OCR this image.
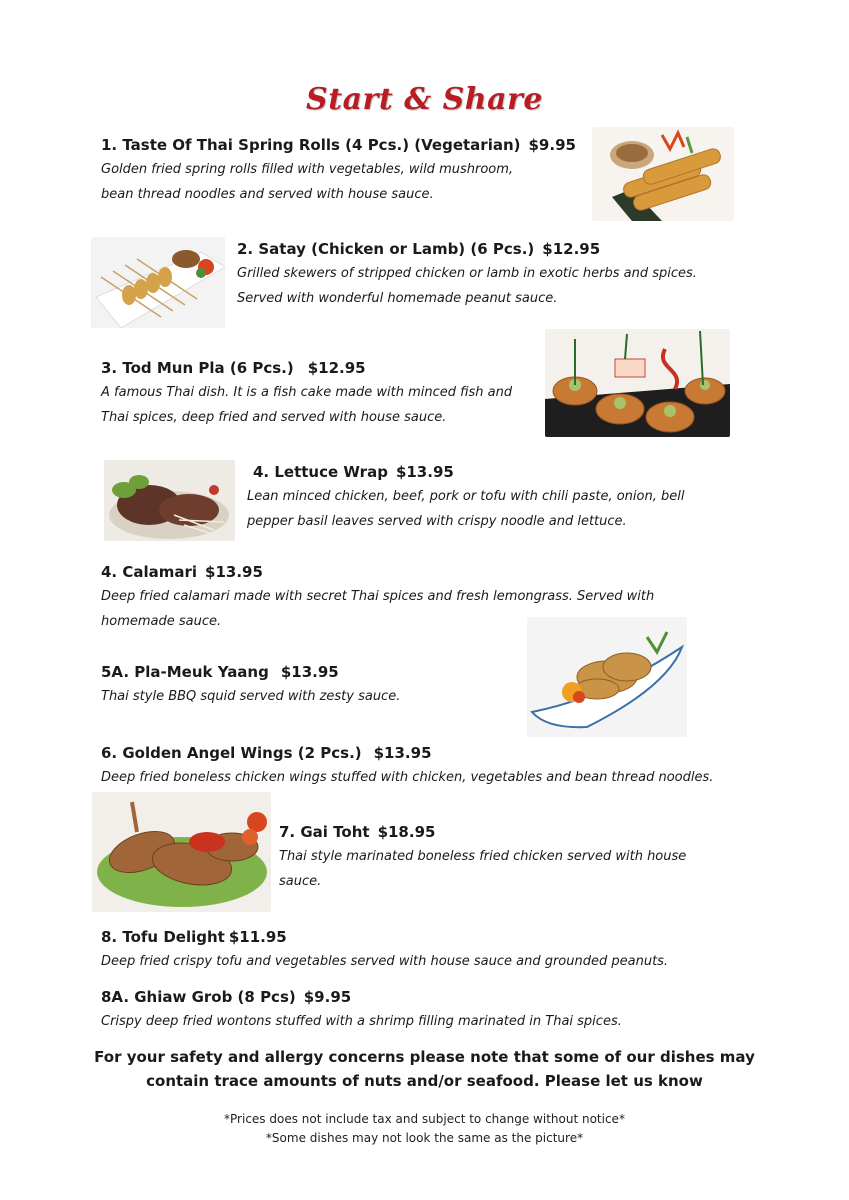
Start & Share
1. Taste Of Thai Spring Rolls (4 Pcs.) (Vegetarian) $9.95
Golden fried spring rolls filled with vegetables, wild mushroom,
bean thread noodles and served with house sauce.
2. Satay (Chicken or Lamb) (6 Pcs.) $12.95
Grilled skewers of stripped chicken or lamb in exotic herbs and spices.
Served with wonderful homemade peanut sauce.
3. Tod Mun Pla (6 Pcs.) $12.95
A famous Thai dish. It is a fish cake made with minced fish and
Thai spices, deep fried and served with house sauce.
4. Lettuce Wrap $13.95
Lean minced chicken, beef, pork or tofu with chili paste, onion, bell
pepper basil leaves served with crispy noodle and lettuce.
4. Calamari $13.95
Deep fried calamari made with secret Thai spices and fresh lemongrass. Served with
homemade sauce.
5A. Pla-Meuk Yaang $13.95
Thai style BBQ squid served with zesty sauce.
6. Golden Angel Wings (2 Pcs.) $13.95
Deep fried boneless chicken wings stuffed with chicken, vegetables and bean thread noodles.
7. Gai Toht $18.95
Thai style marinated boneless fried chicken served with house
sauce.
8. Tofu Delight $11.95
Deep fried crispy tofu and vegetables served with house sauce and grounded peanuts.
8A. Ghiaw Grob (8 Pcs) $9.95
Crispy deep fried wontons stuffed with a shrimp filling marinated in Thai spices.
For your safety and allergy concerns please note that some of our dishes may
contain trace amounts of nuts and/or seafood. Please let us know
*Prices does not include tax and subject to change without notice*
*Some dishes may not look the same as the picture*
